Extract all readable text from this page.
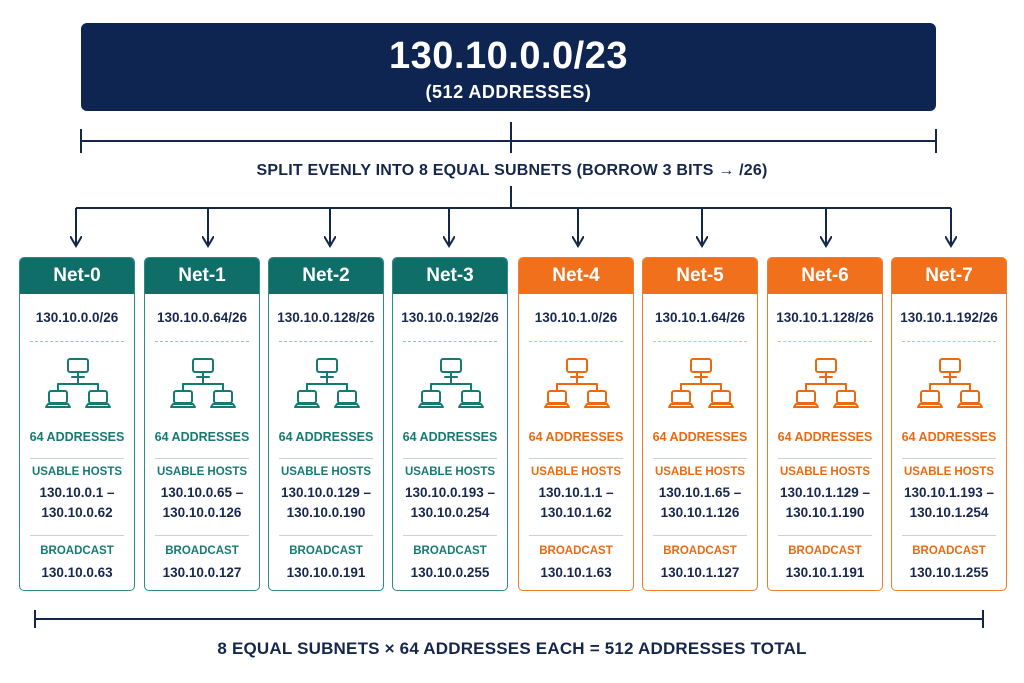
130.10.0.0/23
(512 ADDRESSES)
SPLIT EVENLY INTO 8 EQUAL SUBNETS (BORROW 3 BITS → /26)
Net-0
130.10.0.0/26
64 ADDRESSES
USABLE HOSTS
130.10.0.1 –
130.10.0.62
BROADCAST
130.10.0.63
Net-1
130.10.0.64/26
64 ADDRESSES
USABLE HOSTS
130.10.0.65 –
130.10.0.126
BROADCAST
130.10.0.127
Net-2
130.10.0.128/26
64 ADDRESSES
USABLE HOSTS
130.10.0.129 –
130.10.0.190
BROADCAST
130.10.0.191
Net-3
130.10.0.192/26
64 ADDRESSES
USABLE HOSTS
130.10.0.193 –
130.10.0.254
BROADCAST
130.10.0.255
Net-4
130.10.1.0/26
64 ADDRESSES
USABLE HOSTS
130.10.1.1 –
130.10.1.62
BROADCAST
130.10.1.63
Net-5
130.10.1.64/26
64 ADDRESSES
USABLE HOSTS
130.10.1.65 –
130.10.1.126
BROADCAST
130.10.1.127
Net-6
130.10.1.128/26
64 ADDRESSES
USABLE HOSTS
130.10.1.129 –
130.10.1.190
BROADCAST
130.10.1.191
Net-7
130.10.1.192/26
64 ADDRESSES
USABLE HOSTS
130.10.1.193 –
130.10.1.254
BROADCAST
130.10.1.255
8 EQUAL SUBNETS × 64 ADDRESSES EACH = 512 ADDRESSES TOTAL
